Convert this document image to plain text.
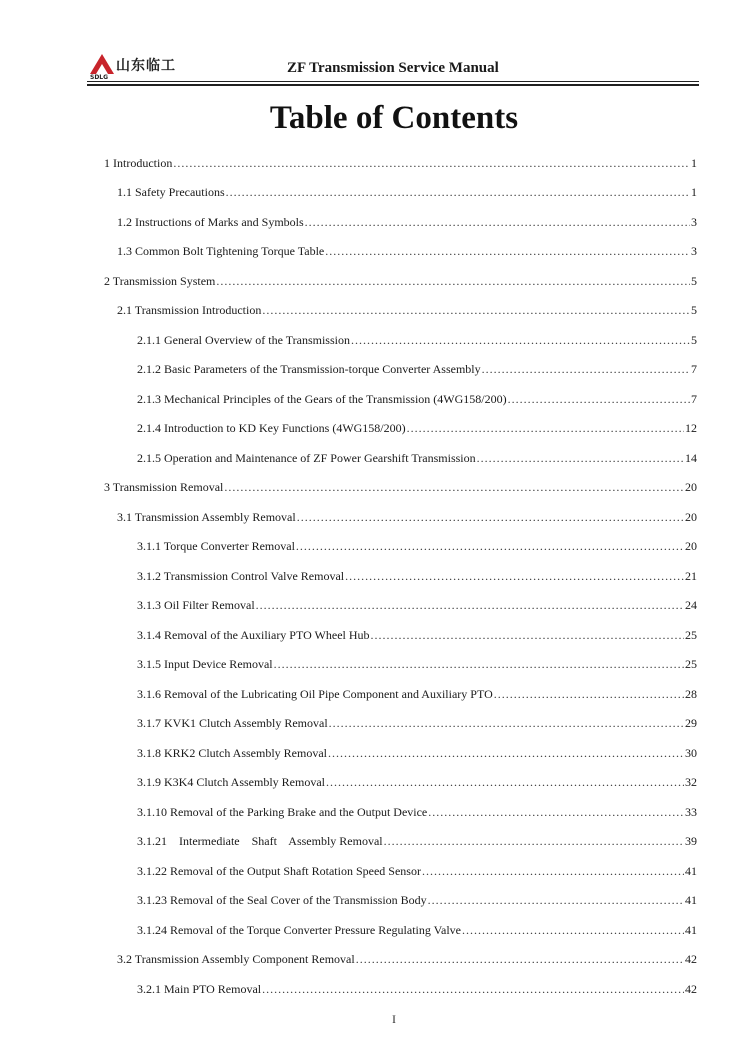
SDLG
山东临工	ZF Transmission Service Manual
Table of Contents
1 Introduction .....	1
1.1 Safety Precautions .....	1
1.2 Instructions of Marks and Symbols .....	3
1.3 Common Bolt Tightening Torque Table .....	3
2 Transmission System .....	5
2.1 Transmission Introduction .....	5
2.1.1 General Overview of the Transmission .....	5
2.1.2 Basic Parameters of the Transmission-torque Converter Assembly .....	7
2.1.3 Mechanical Principles of the Gears of the Transmission (4WG158/200) .....	7
2.1.4 Introduction to KD Key Functions (4WG158/200) .....	12
2.1.5 Operation and Maintenance of ZF Power Gearshift Transmission .....	14
3 Transmission Removal .....	20
3.1 Transmission Assembly Removal .....	20
3.1.1 Torque Converter Removal .....	20
3.1.2 Transmission Control Valve Removal .....	21
3.1.3 Oil Filter Removal .....	24
3.1.4 Removal of the Auxiliary PTO Wheel Hub .....	25
3.1.5 Input Device Removal .....	25
3.1.6 Removal of the Lubricating Oil Pipe Component and Auxiliary PTO .....	28
3.1.7 KVK1 Clutch Assembly Removal .....	29
3.1.8 KRK2 Clutch Assembly Removal .....	30
3.1.9 K3K4 Clutch Assembly Removal .....	32
3.1.10 Removal of the Parking Brake and the Output Device .....	33
3.1.21    Intermediate    Shaft    Assembly Removal .....	39
3.1.22 Removal of the Output Shaft Rotation Speed Sensor .....	41
3.1.23 Removal of the Seal Cover of the Transmission Body .....	41
3.1.24 Removal of the Torque Converter Pressure Regulating Valve .....	41
3.2 Transmission Assembly Component Removal .....	42
3.2.1 Main PTO Removal .....	42
I
